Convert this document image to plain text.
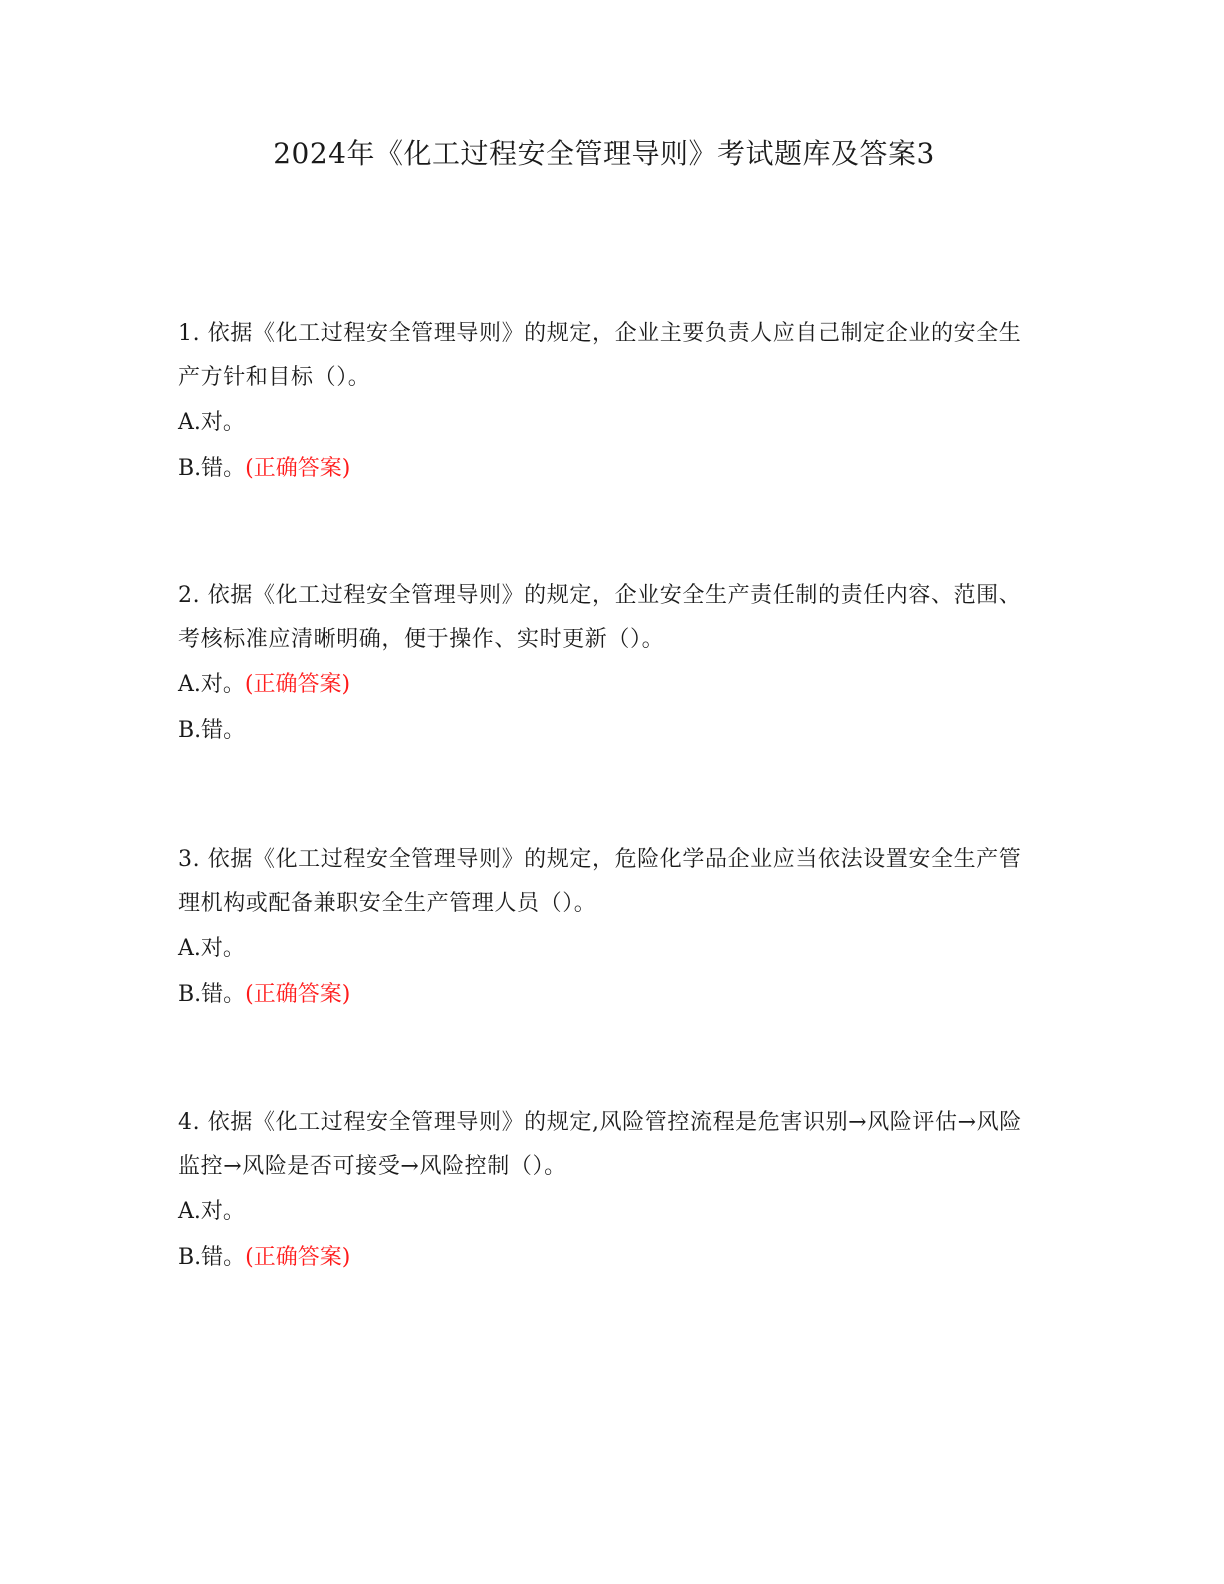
2024年《化工过程安全管理导则》考试题库及答案3

1. 依据《化工过程安全管理导则》的规定，企业主要负责人应自己制定企业的安全生产方针和目标（）。

A.对。

B.错。(正确答案)

2. 依据《化工过程安全管理导则》的规定，企业安全生产责任制的责任内容、范围、考核标准应清晰明确，便于操作、实时更新（）。

A.对。(正确答案)

B.错。

3. 依据《化工过程安全管理导则》的规定，危险化学品企业应当依法设置安全生产管理机构或配备兼职安全生产管理人员（）。

A.对。

B.错。(正确答案)

4. 依据《化工过程安全管理导则》的规定,风险管控流程是危害识别→风险评估→风险监控→风险是否可接受→风险控制（）。

A.对。

B.错。(正确答案)
